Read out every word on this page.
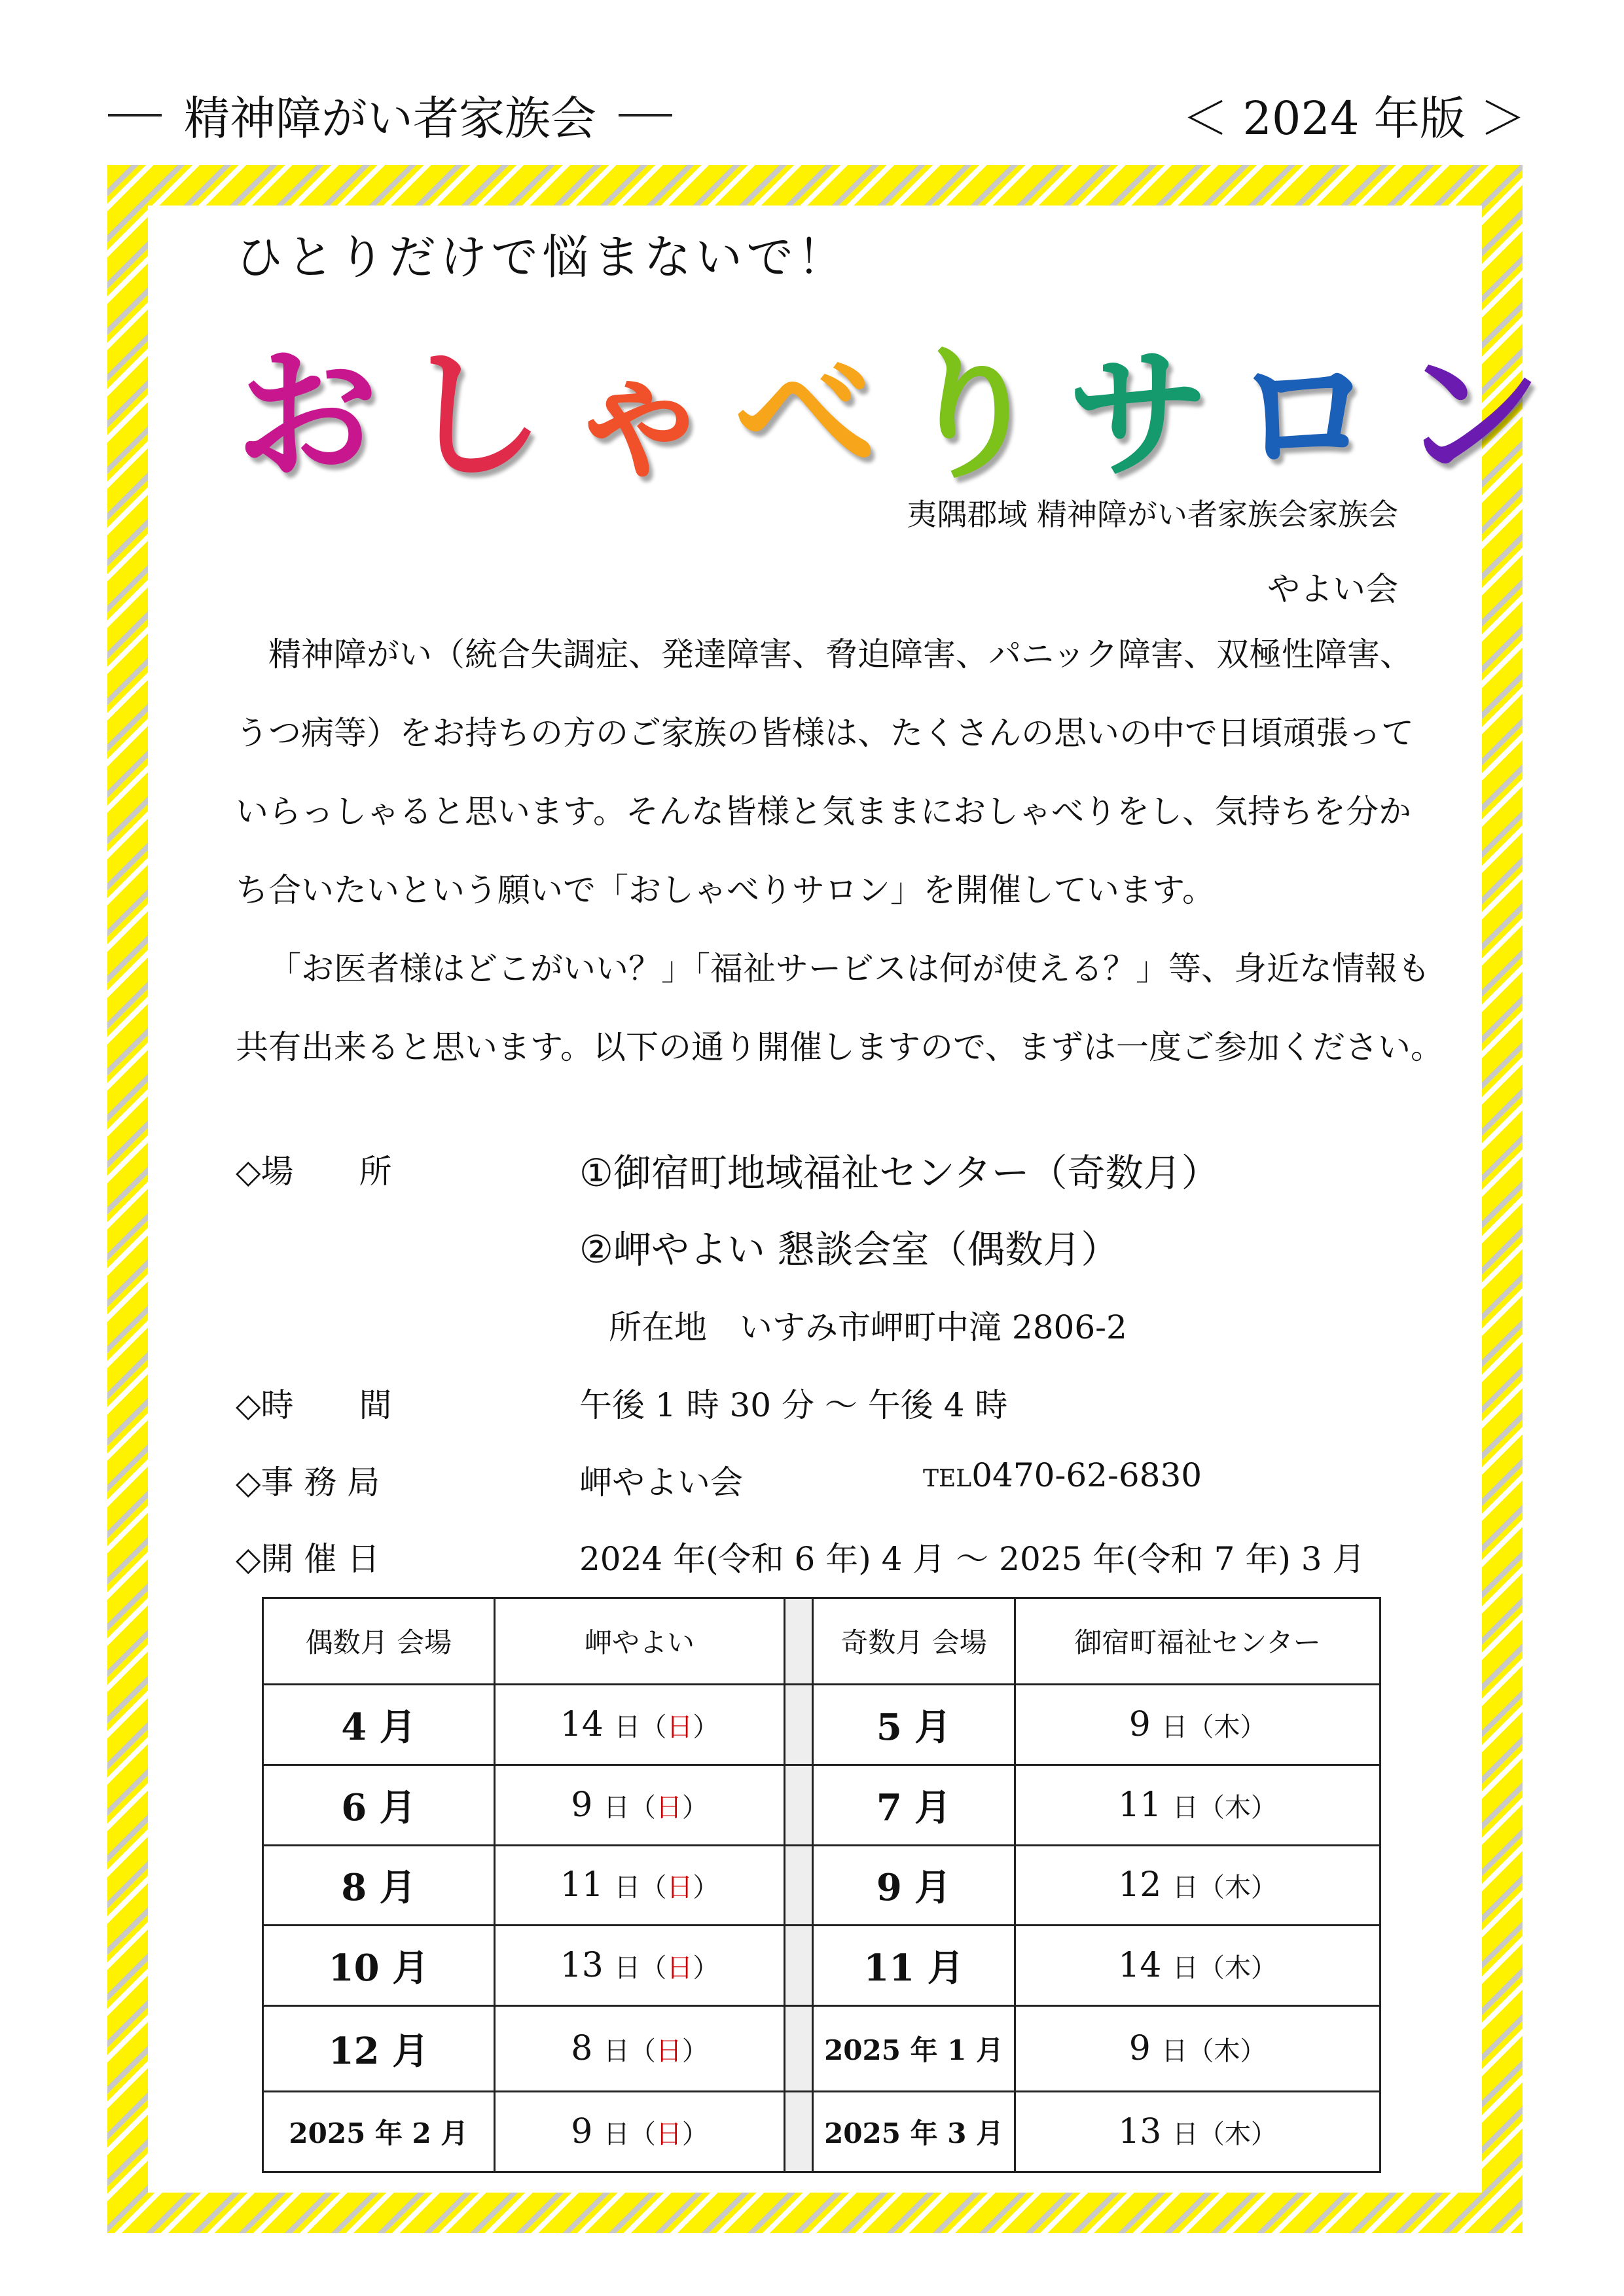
精神障がい者家族会	＜ 2024 年版 ＞
ひとりだけで悩まないで！
おしゃべりサロン
夷隅郡域 精神障がい者家族会家族会
やよい会
精神障がい（統合失調症、発達障害、脅迫障害、パニック障害、双極性障害、
うつ病等）をお持ちの方のご家族の皆様は、たくさんの思いの中で日頃頑張って
いらっしゃると思います。そんな皆様と気ままにおしゃべりをし、気持ちを分か
ち合いたいという願いで「おしゃべりサロン」を開催しています。
「お医者様はどこがいい？」「福祉サービスは何が使える？」等、身近な情報も
共有出来ると思います。以下の通り開催しますので、まずは一度ご参加ください。
◇場　　所	①御宿町地域福祉センター（奇数月）
②岬やよい 懇談会室（偶数月）
所在地　いすみ市岬町中滝 2806-2
◇時　　間	午後 1 時 30 分 ～ 午後 4 時
◇事 務 局	岬やよい会	TEL0470-62-6830
◇開 催 日	2024 年(令和 6 年) 4 月 ～ 2025 年(令和 7 年) 3 月
偶数月 会場	岬やよい		奇数月 会場	御宿町福祉センター
4 月	14 日（日）		5 月	9 日（木）
6 月	9 日（日）		7 月	11 日（木）
8 月	11 日（日）		9 月	12 日（木）
10 月	13 日（日）		11 月	14 日（木）
12 月	8 日（日）		2025 年 1 月	9 日（木）
2025 年 2 月	9 日（日）		2025 年 3 月	13 日（木）
